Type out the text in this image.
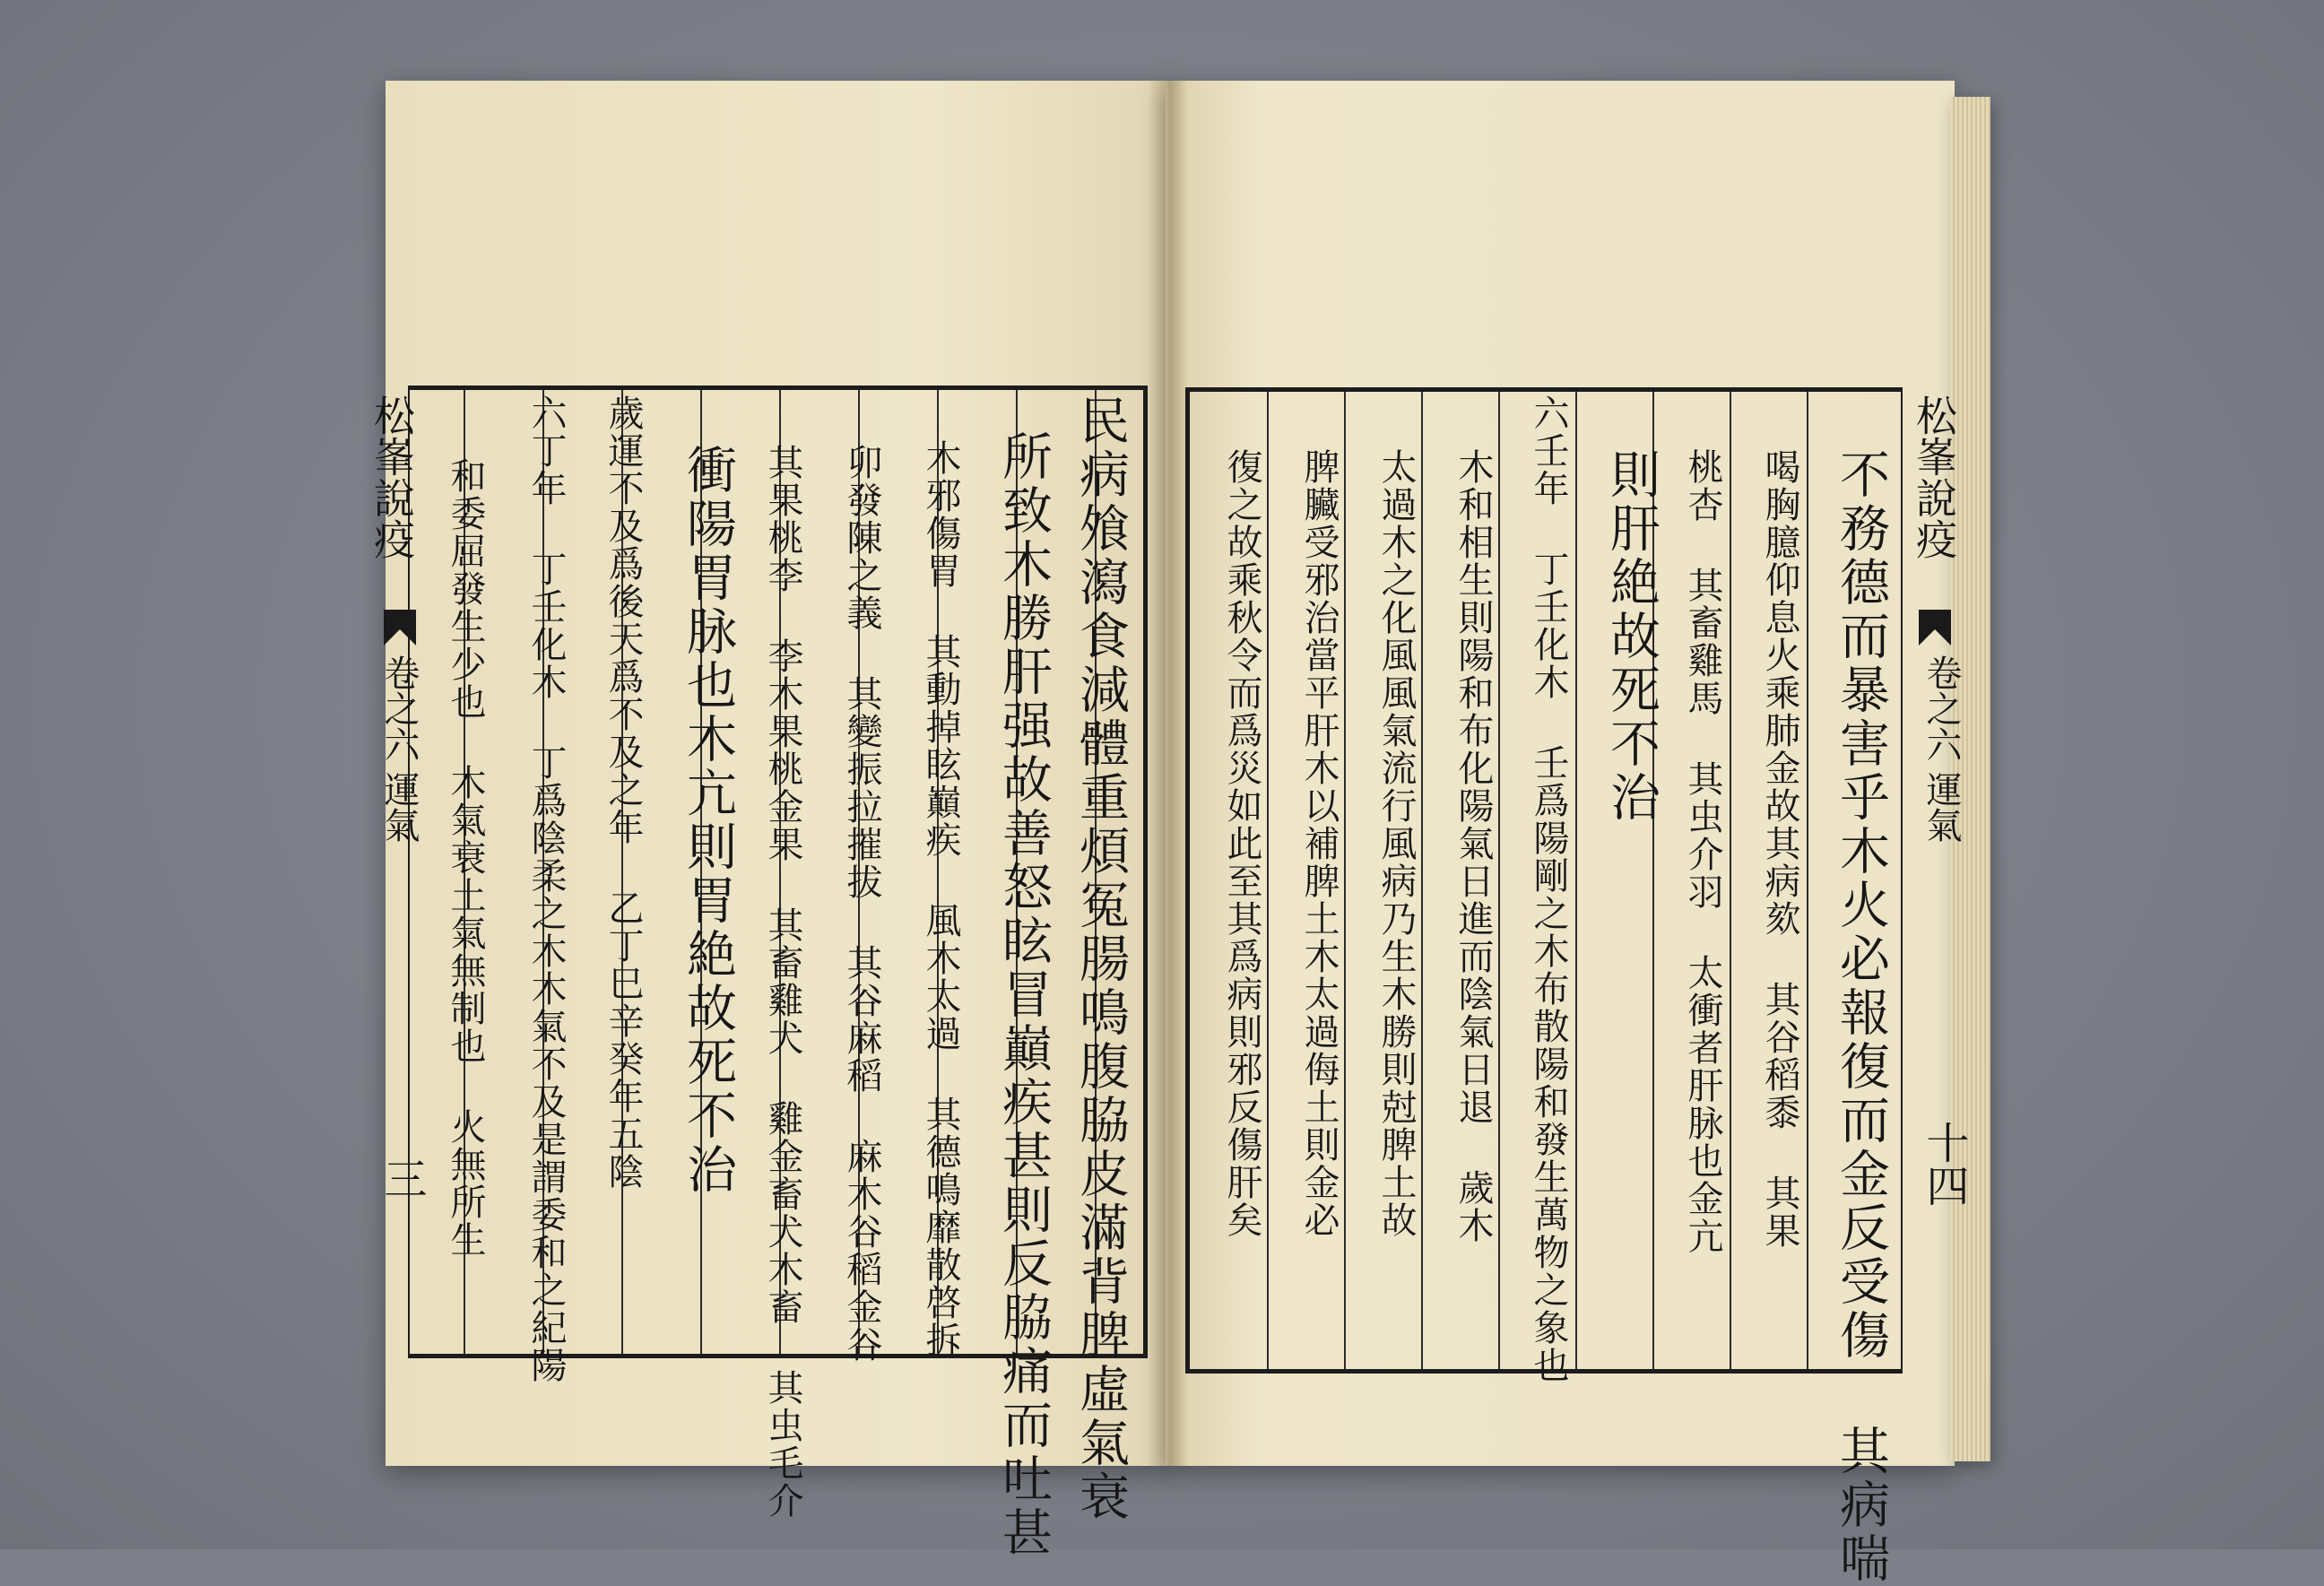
松峯說疫
卷之六
運氣
三	民病飧瀉食減體重煩冤腸鳴腹脇皮滿背脾虛氣衰
所致木勝肝强故善怒眩冒巔疾甚則反脇痛而吐甚
木邪傷胃 其動掉眩巔疾 風木太過 其德鳴靡散啓拆
卯發陳之義 其變振拉摧拔 其谷麻稻 麻木谷稻金谷
其果桃李 李木果桃金果 其畜雞犬 雞金畜犬木畜 其虫毛介
衝陽胃脉也木亢則胃絶故死不治
歲運不及爲後天爲不及之年 乙丁巳辛癸年五陰
六丁年 丁壬化木 丁爲陰柔之木木氣不及是謂委和之紀陽
和委屈發生少也 木氣衰土氣無制也 火無所生	松峯說疫
卷之六
運氣
十四
不務德而暴害乎木火必報復而金反受傷 其病喘
喝胸臆仰息火乘肺金故其病欬 其谷稻黍 其果
桃杏 其畜雞馬 其虫介羽 太衝者肝脉也金亢
則肝絶故死不治
六壬年 丁壬化木 壬爲陽剛之木布散陽和發生萬物之象也
木和相生則陽和布化陽氣日進而陰氣日退 歲木
太過木之化風風氣流行風病乃生木勝則尅脾土故
脾臟受邪治當平肝木以補脾土木太過侮土則金必
復之故乘秋令而爲災如此至其爲病則邪反傷肝矣
